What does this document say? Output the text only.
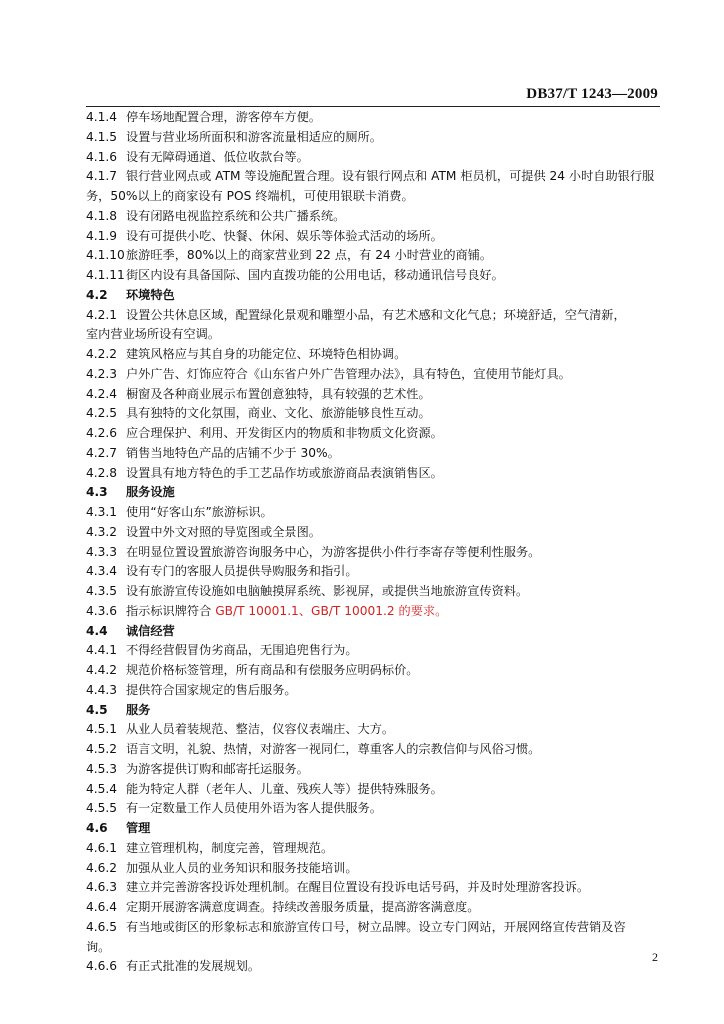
DB37/T 1243—2009
4.1.4 停车场地配置合理，游客停车方便。
4.1.5 设置与营业场所面积和游客流量相适应的厕所。
4.1.6 设有无障碍通道、低位收款台等。
4.1.7 银行营业网点或 ATM 等设施配置合理。设有银行网点和 ATM 柜员机，可提供 24 小时自助银行服
务，50%以上的商家设有 POS 终端机，可使用银联卡消费。
4.1.8 设有闭路电视监控系统和公共广播系统。
4.1.9 设有可提供小吃、快餐、休闲、娱乐等体验式活动的场所。
4.1.10旅游旺季，80%以上的商家营业到 22 点，有 24 小时营业的商铺。
4.1.11街区内设有具备国际、国内直拨功能的公用电话，移动通讯信号良好。
4.2 环境特色
4.2.1 设置公共休息区域，配置绿化景观和雕塑小品，有艺术感和文化气息；环境舒适，空气清新，
室内营业场所设有空调。
4.2.2 建筑风格应与其自身的功能定位、环境特色相协调。
4.2.3 户外广告、灯饰应符合《山东省户外广告管理办法》，具有特色，宜使用节能灯具。
4.2.4 橱窗及各种商业展示布置创意独特，具有较强的艺术性。
4.2.5 具有独特的文化氛围，商业、文化、旅游能够良性互动。
4.2.6 应合理保护、利用、开发街区内的物质和非物质文化资源。
4.2.7 销售当地特色产品的店铺不少于 30%。
4.2.8 设置具有地方特色的手工艺品作坊或旅游商品表演销售区。
4.3 服务设施
4.3.1 使用“好客山东”旅游标识。
4.3.2 设置中外文对照的导览图或全景图。
4.3.3 在明显位置设置旅游咨询服务中心，为游客提供小件行李寄存等便利性服务。
4.3.4 设有专门的客服人员提供导购服务和指引。
4.3.5 设有旅游宣传设施如电脑触摸屏系统、影视屏，或提供当地旅游宣传资料。
4.3.6 指示标识牌符合 GB/T 10001.1、GB/T 10001.2 的要求。
4.4 诚信经营
4.4.1 不得经营假冒伪劣商品，无围追兜售行为。
4.4.2 规范价格标签管理，所有商品和有偿服务应明码标价。
4.4.3 提供符合国家规定的售后服务。
4.5 服务
4.5.1 从业人员着装规范、整洁，仪容仪表端庄、大方。
4.5.2 语言文明，礼貌、热情，对游客一视同仁，尊重客人的宗教信仰与风俗习惯。
4.5.3 为游客提供订购和邮寄托运服务。
4.5.4 能为特定人群（老年人、儿童、残疾人等）提供特殊服务。
4.5.5 有一定数量工作人员使用外语为客人提供服务。
4.6 管理
4.6.1 建立管理机构，制度完善，管理规范。
4.6.2 加强从业人员的业务知识和服务技能培训。
4.6.3 建立并完善游客投诉处理机制。在醒目位置设有投诉电话号码，并及时处理游客投诉。
4.6.4 定期开展游客满意度调查。持续改善服务质量，提高游客满意度。
4.6.5 有当地或街区的形象标志和旅游宣传口号，树立品牌。设立专门网站，开展网络宣传营销及咨
询。
4.6.6 有正式批准的发展规划。
2
